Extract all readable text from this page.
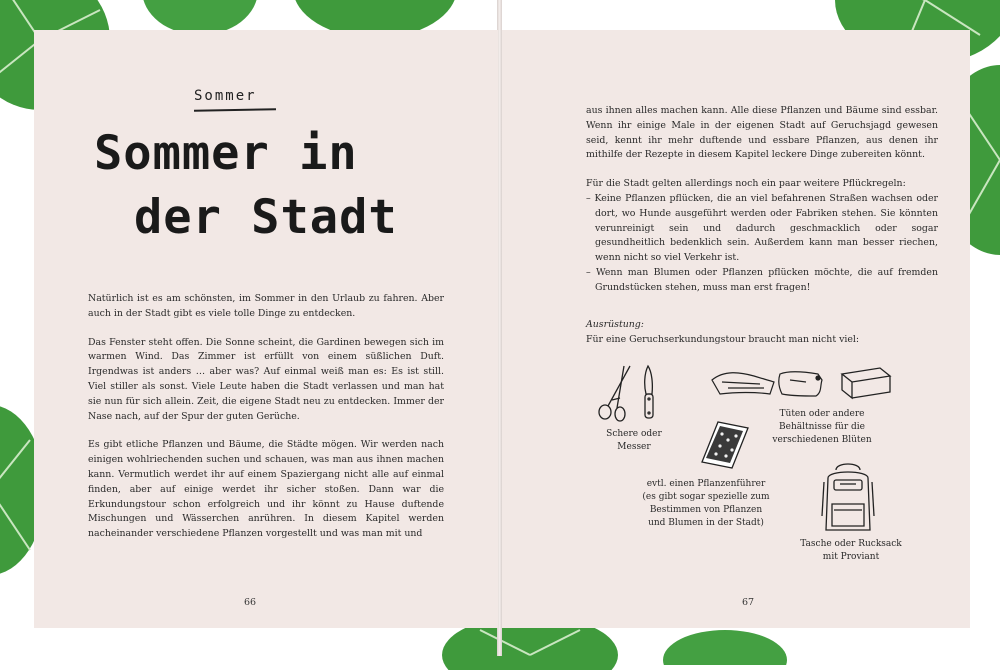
Sommer
Sommer in
der Stadt

Natürlich ist es am schönsten, im Sommer in den Urlaub zu fahren. Aber auch in der Stadt gibt es viele tolle Dinge zu entdecken.

Das Fenster steht offen. Die Sonne scheint, die Gardinen bewegen sich im warmen Wind. Das Zimmer ist erfüllt von einem süßlichen Duft. Irgendwas ist anders … aber was? Auf einmal weiß man es: Es ist still. Viel stiller als sonst. Viele Leute haben die Stadt verlassen und man hat sie nun für sich allein. Zeit, die eigene Stadt neu zu entdecken. Immer der Nase nach, auf der Spur der guten Gerüche.

Es gibt etliche Pflanzen und Bäume, die Städte mögen. Wir werden nach einigen wohlriechenden suchen und schauen, was man aus ihnen machen kann. Vermutlich werdet ihr auf einem Spaziergang nicht alle auf einmal finden, aber auf einige werdet ihr sicher stoßen. Dann war die Erkundungstour schon erfolgreich und ihr könnt zu Hause duftende Mischungen und Wässerchen anrühren. In diesem Kapitel werden nacheinander verschiedene Pflanzen vorgestellt und was man mit und

66

aus ihnen alles machen kann. Alle diese Pflanzen und Bäume sind essbar. Wenn ihr einige Male in der eigenen Stadt auf Geruchsjagd gewesen seid, kennt ihr mehr duftende und essbare Pflanzen, aus denen ihr mithilfe der Rezepte in diesem Kapitel leckere Dinge zubereiten könnt.

Für die Stadt gelten allerdings noch ein paar weitere Pflückregeln:
– Keine Pflanzen pflücken, die an viel befahrenen Straßen wachsen oder dort, wo Hunde ausgeführt werden oder Fabriken stehen. Sie könnten verunreinigt sein und dadurch geschmacklich oder sogar gesundheitlich bedenklich sein. Außerdem kann man besser riechen, wenn nicht so viel Verkehr ist.
– Wenn man Blumen oder Pflanzen pflücken möchte, die auf fremden Grundstücken stehen, muss man erst fragen!
Ausrüstung:
Für eine Geruchserkundungstour braucht man nicht viel:
Schere oder Messer
Tüten oder andere Behältnisse für die verschiedenen Blüten
evtl. einen Pflanzenführer (es gibt sogar spezielle zum Bestimmen von Pflanzen und Blumen in der Stadt)
Tasche oder Rucksack mit Proviant
67
